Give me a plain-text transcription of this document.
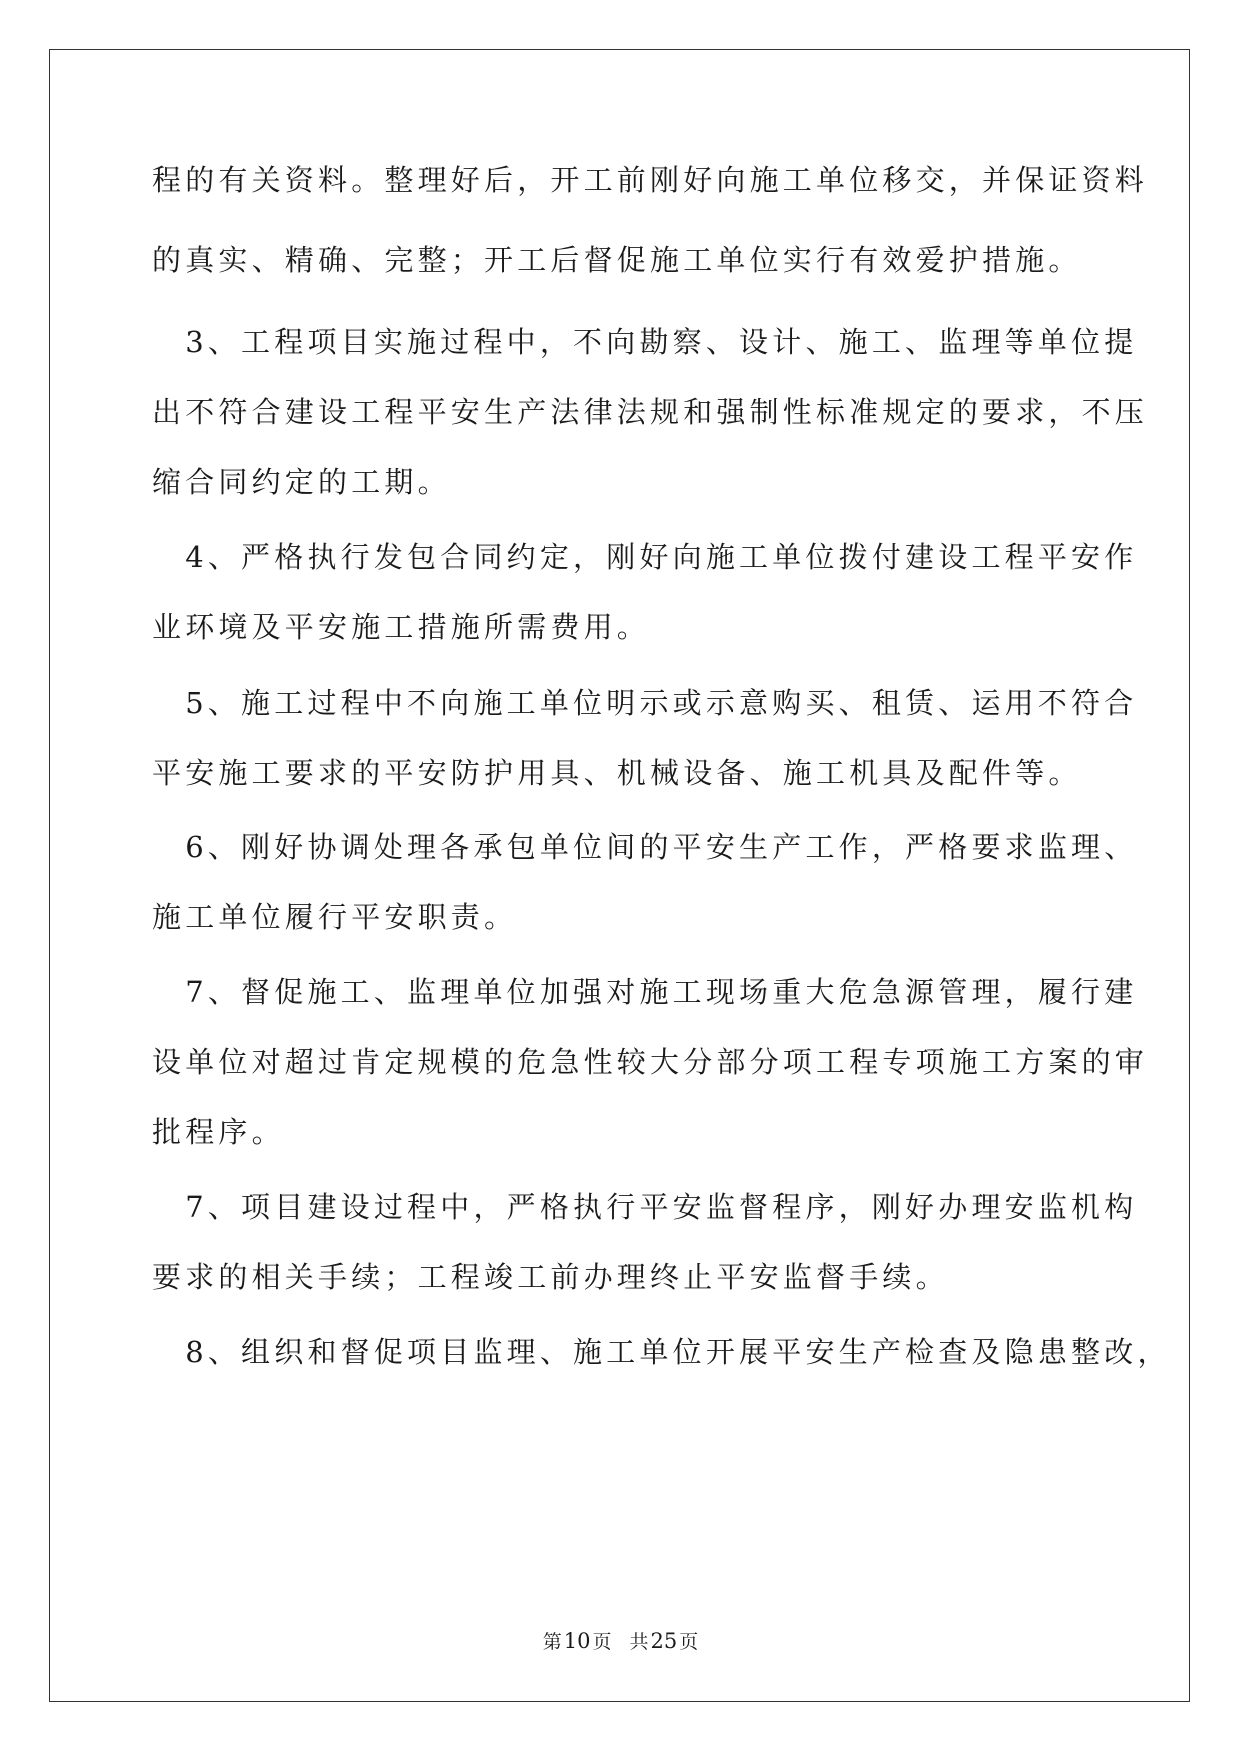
程的有关资料。整理好后，开工前刚好向施工单位移交，并保证资料
的真实、精确、完整；开工后督促施工单位实行有效爱护措施。
　3、工程项目实施过程中，不向勘察、设计、施工、监理等单位提
出不符合建设工程平安生产法律法规和强制性标准规定的要求，不压
缩合同约定的工期。
　4、严格执行发包合同约定，刚好向施工单位拨付建设工程平安作
业环境及平安施工措施所需费用。
　5、施工过程中不向施工单位明示或示意购买、租赁、运用不符合
平安施工要求的平安防护用具、机械设备、施工机具及配件等。
　6、刚好协调处理各承包单位间的平安生产工作，严格要求监理、
施工单位履行平安职责。
　7、督促施工、监理单位加强对施工现场重大危急源管理，履行建
设单位对超过肯定规模的危急性较大分部分项工程专项施工方案的审
批程序。
　7、项目建设过程中，严格执行平安监督程序，刚好办理安监机构
要求的相关手续；工程竣工前办理终止平安监督手续。
　8、组织和督促项目监理、施工单位开展平安生产检查及隐患整改，
第10 页 共25 页
